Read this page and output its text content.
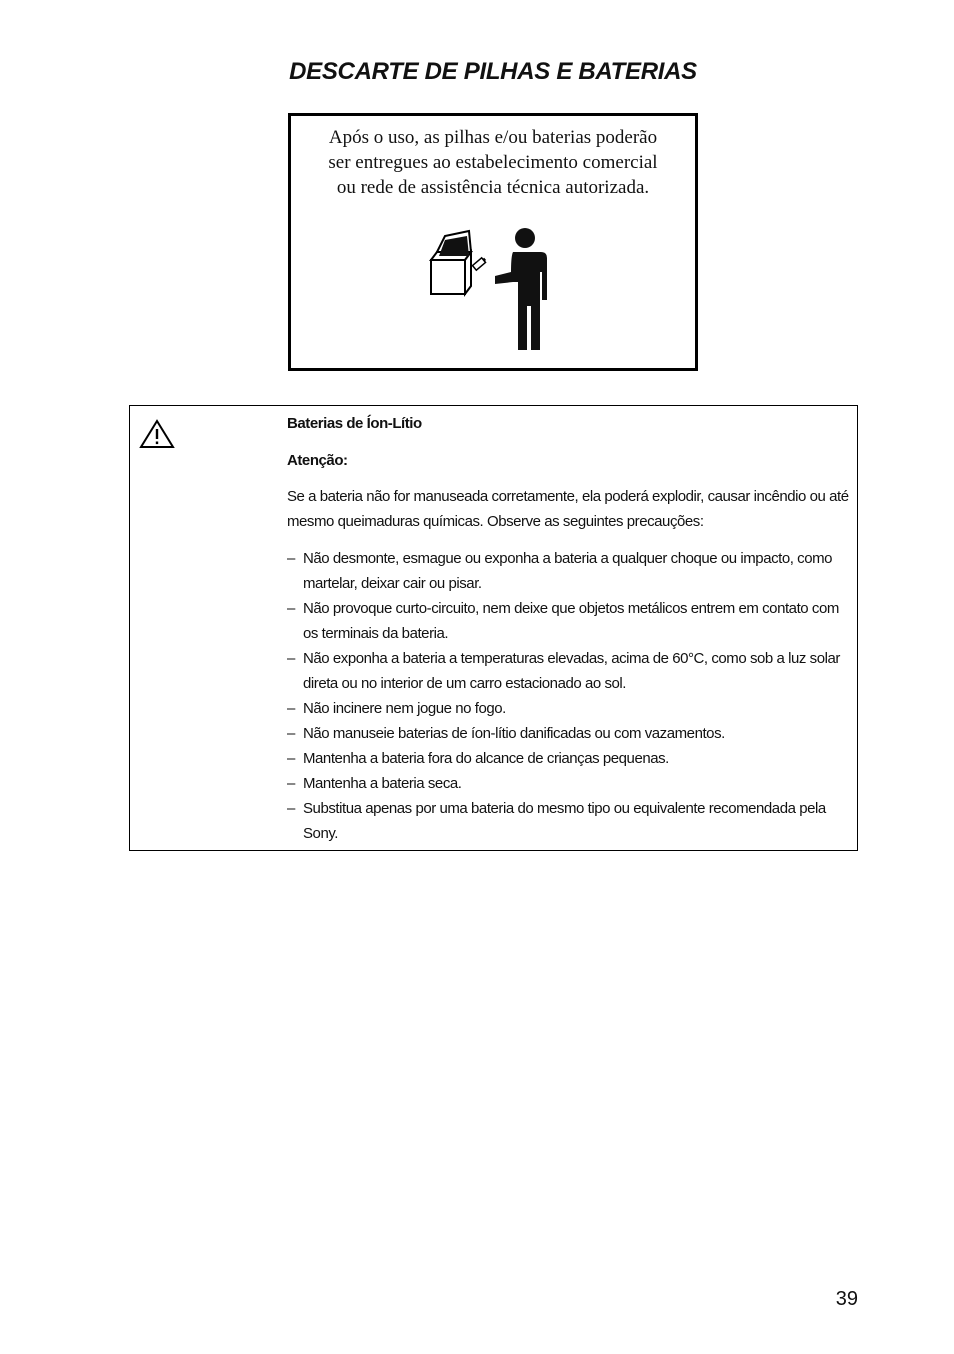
DESCARTE DE PILHAS E BATERIAS
Após o uso, as pilhas e/ou baterias poderão
ser entregues ao estabelecimento comercial
ou rede de assistência técnica autorizada.
Baterias de Íon-Lítio
Atenção:
Se a bateria não for manuseada corretamente, ela poderá explodir, causar incêndio ou até mesmo queimaduras químicas. Observe as seguintes precauções:
– Não desmonte, esmague ou exponha a bateria a qualquer choque ou impacto, como martelar, deixar cair ou pisar.
– Não provoque curto-circuito, nem deixe que objetos metálicos entrem em contato com os terminais da bateria.
– Não exponha a bateria a temperaturas elevadas, acima de 60°C, como sob a luz solar direta ou no interior de um carro estacionado ao sol.
– Não incinere nem jogue no fogo.
– Não manuseie baterias de íon-lítio danificadas ou com vazamentos.
– Mantenha a bateria fora do alcance de crianças pequenas.
– Mantenha a bateria seca.
– Substitua apenas por uma bateria do mesmo tipo ou equivalente recomendada pela Sony.
39
